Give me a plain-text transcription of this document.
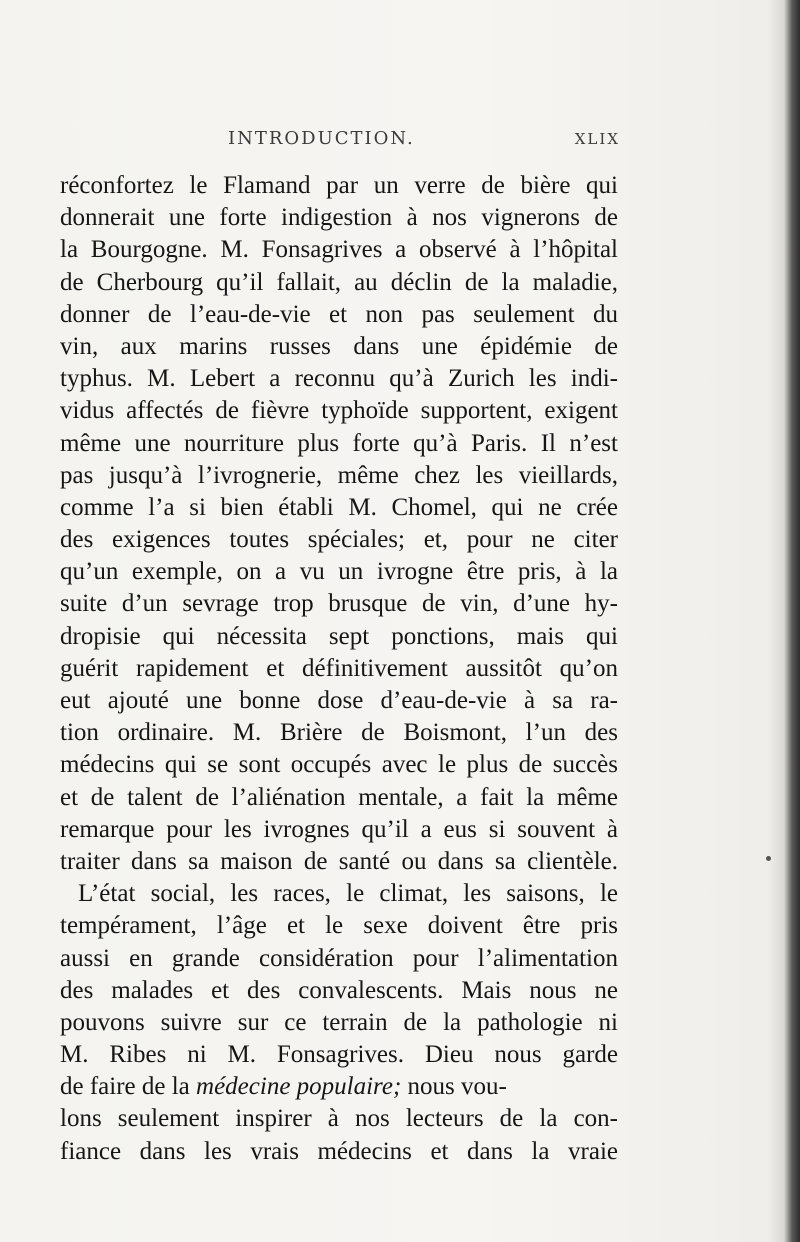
INTRODUCTION.	XLIX
réconfortez le Flamand par un verre de bière qui
donnerait une forte indigestion à nos vignerons de
la Bourgogne. M. Fonsagrives a observé à l’hôpital
de Cherbourg qu’il fallait, au déclin de la maladie,
donner de l’eau-de-vie et non pas seulement du
vin, aux marins russes dans une épidémie de
typhus. M. Lebert a reconnu qu’à Zurich les indi-
vidus affectés de fièvre typhoïde supportent, exigent
même une nourriture plus forte qu’à Paris. Il n’est
pas jusqu’à l’ivrognerie, même chez les vieillards,
comme l’a si bien établi M. Chomel, qui ne crée
des exigences toutes spéciales; et, pour ne citer
qu’un exemple, on a vu un ivrogne être pris, à la
suite d’un sevrage trop brusque de vin, d’une hy-
dropisie qui nécessita sept ponctions, mais qui
guérit rapidement et définitivement aussitôt qu’on
eut ajouté une bonne dose d’eau-de-vie à sa ra-
tion ordinaire. M. Brière de Boismont, l’un des
médecins qui se sont occupés avec le plus de succès
et de talent de l’aliénation mentale, a fait la même
remarque pour les ivrognes qu’il a eus si souvent à
traiter dans sa maison de santé ou dans sa clientèle.
L’état social, les races, le climat, les saisons, le
tempérament, l’âge et le sexe doivent être pris
aussi en grande considération pour l’alimentation
des malades et des convalescents. Mais nous ne
pouvons suivre sur ce terrain de la pathologie ni
M. Ribes ni M. Fonsagrives. Dieu nous garde
de faire de la médecine populaire; nous vou-
lons seulement inspirer à nos lecteurs de la con-
fiance dans les vrais médecins et dans la vraie
